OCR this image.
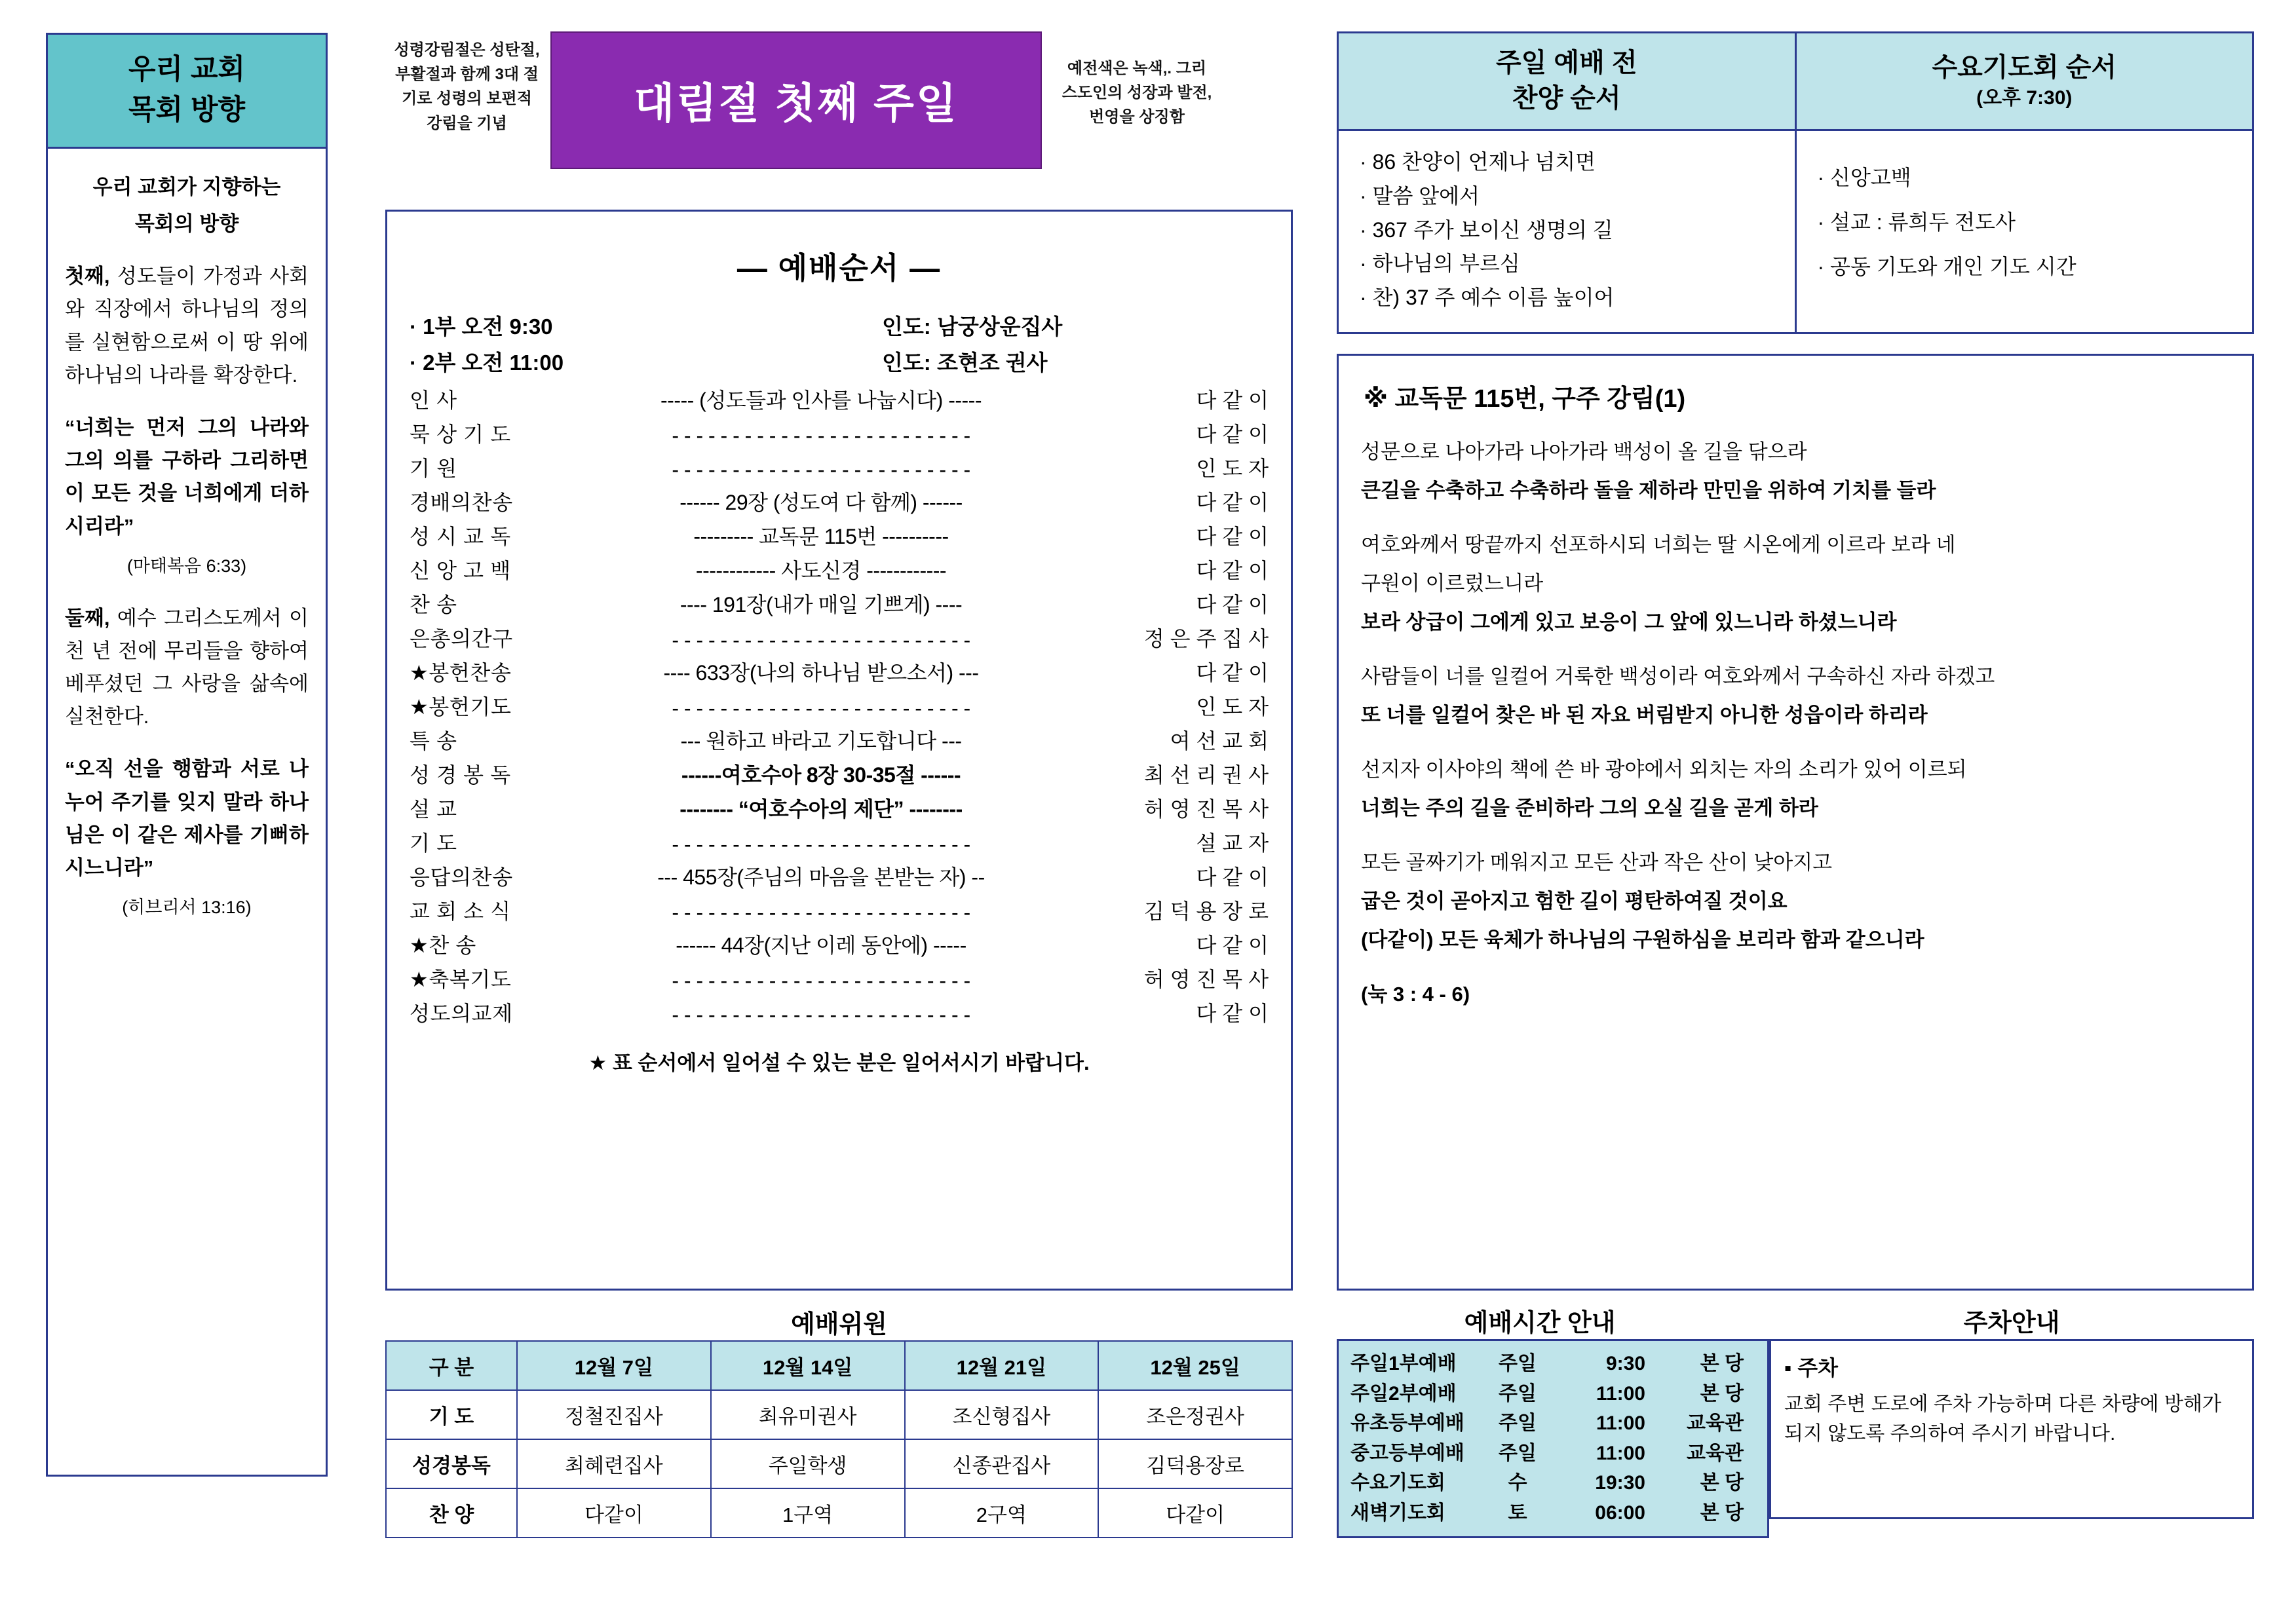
우리 교회
목회 방향

우리 교회가 지향하는

목회의 방향

첫째, 성도들이 가정과 사회와 직장에서 하나님의 정의를 실현함으로써 이 땅 위에 하나님의 나라를 확장한다.

“너희는 먼저 그의 나라와 그의 의를 구하라 그리하면 이 모든 것을 너희에게 더하시리라”

(마태복음 6:33)

둘째, 예수 그리스도께서 이천 년 전에 무리들을 향하여 베푸셨던 그 사랑을 삶속에 실천한다.

“오직 선을 행함과 서로 나누어 주기를 잊지 말라 하나님은 이 같은 제사를 기뻐하시느니라”

(히브리서 13:16)

성령강림절은 성탄절, 부활절과 함께 3대 절기로 성령의 보편적 강림을 기념	대림절 첫째 주일
예전색은 녹색,. 그리스도인의 성장과 발전, 번영을 상징함
— 예배순서 —
· 1부 오전 9:30	인도: 남궁상운집사
· 2부 오전 11:00	인도: 조현조 권사
인 사	----- (성도들과 인사를 나눕시다) -----	다 같 이
묵 상 기 도	- - - - - - - - - - - - - - - - - - - - - - - - -	다 같 이
기 원	- - - - - - - - - - - - - - - - - - - - - - - - -	인 도 자
경배의찬송	------ 29장 (성도여 다 함께) ------	다 같 이
성 시 교 독	--------- 교독문 115번 ----------	다 같 이
신 앙 고 백	------------ 사도신경 ------------	다 같 이
찬 송	---- 191장(내가 매일 기쁘게) ----	다 같 이
은총의간구	- - - - - - - - - - - - - - - - - - - - - - - - -	정 은 주 집 사
★봉헌찬송	---- 633장(나의 하나님 받으소서) ---	다 같 이
★봉헌기도	- - - - - - - - - - - - - - - - - - - - - - - - -	인 도 자
특 송	--- 원하고 바라고 기도합니다 ---	여 선 교 회
성 경 봉 독	------여호수아 8장 30-35절 ------	최 선 리 권 사
설 교	-------- “여호수아의 제단” --------	허 영 진 목 사
기 도	- - - - - - - - - - - - - - - - - - - - - - - - -	설 교 자
응답의찬송	--- 455장(주님의 마음을 본받는 자) --	다 같 이
교 회 소 식	- - - - - - - - - - - - - - - - - - - - - - - - -	김 덕 용 장 로
★찬 송	------ 44장(지난 이레 동안에) -----	다 같 이
★축복기도	- - - - - - - - - - - - - - - - - - - - - - - - -	허 영 진 목 사
성도의교제	- - - - - - - - - - - - - - - - - - - - - - - - -	다 같 이
★ 표 순서에서 일어설 수 있는 분은 일어서시기 바랍니다.
예배위원
구 분	12월 7일	12월 14일	12월 21일	12월 25일
기 도	정철진집사	최유미권사	조신형집사	조은정권사
성경봉독	최혜련집사	주일학생	신종관집사	김덕용장로
찬 양	다같이	1구역	2구역	다같이
주일 예배 전
찬양 순서

수요기도회 순서
(오후 7:30)

· 86 찬양이 언제나 넘치면
· 말씀 앞에서
· 367 주가 보이신 생명의 길
· 하나님의 부르심
· 찬) 37 주 예수 이름 높이어

· 신앙고백
· 설교 : 류희두 전도사
· 공동 기도와 개인 기도 시간
※ 교독문 115번, 구주 강림(1)

성문으로 나아가라 나아가라 백성이 올 길을 닦으라

큰길을 수축하고 수축하라 돌을 제하라 만민을 위하여 기치를 들라

여호와께서 땅끝까지 선포하시되 너희는 딸 시온에게 이르라 보라 네

구원이 이르렀느니라

보라 상급이 그에게 있고 보응이 그 앞에 있느니라 하셨느니라

사람들이 너를 일컬어 거룩한 백성이라 여호와께서 구속하신 자라 하겠고

또 너를 일컬어 찾은 바 된 자요 버림받지 아니한 성읍이라 하리라

선지자 이사야의 책에 쓴 바 광야에서 외치는 자의 소리가 있어 이르되

너희는 주의 길을 준비하라 그의 오실 길을 곧게 하라

모든 골짜기가 메워지고 모든 산과 작은 산이 낮아지고

굽은 것이 곧아지고 험한 길이 평탄하여질 것이요

(다같이) 모든 육체가 하나님의 구원하심을 보리라 함과 같으니라

(눅 3 : 4 - 6)

예배시간 안내	주차안내
주일1부예배	주일	9:30	본 당
주일2부예배	주일	11:00	본 당
유초등부예배	주일	11:00	교육관
중고등부예배	주일	11:00	교육관
수요기도회	수	19:30	본 당
새벽기도회	토	06:00	본 당
▪ 주차

교회 주변 도로에 주차 가능하며 다른 차량에 방해가 되지 않도록 주의하여 주시기 바랍니다.
